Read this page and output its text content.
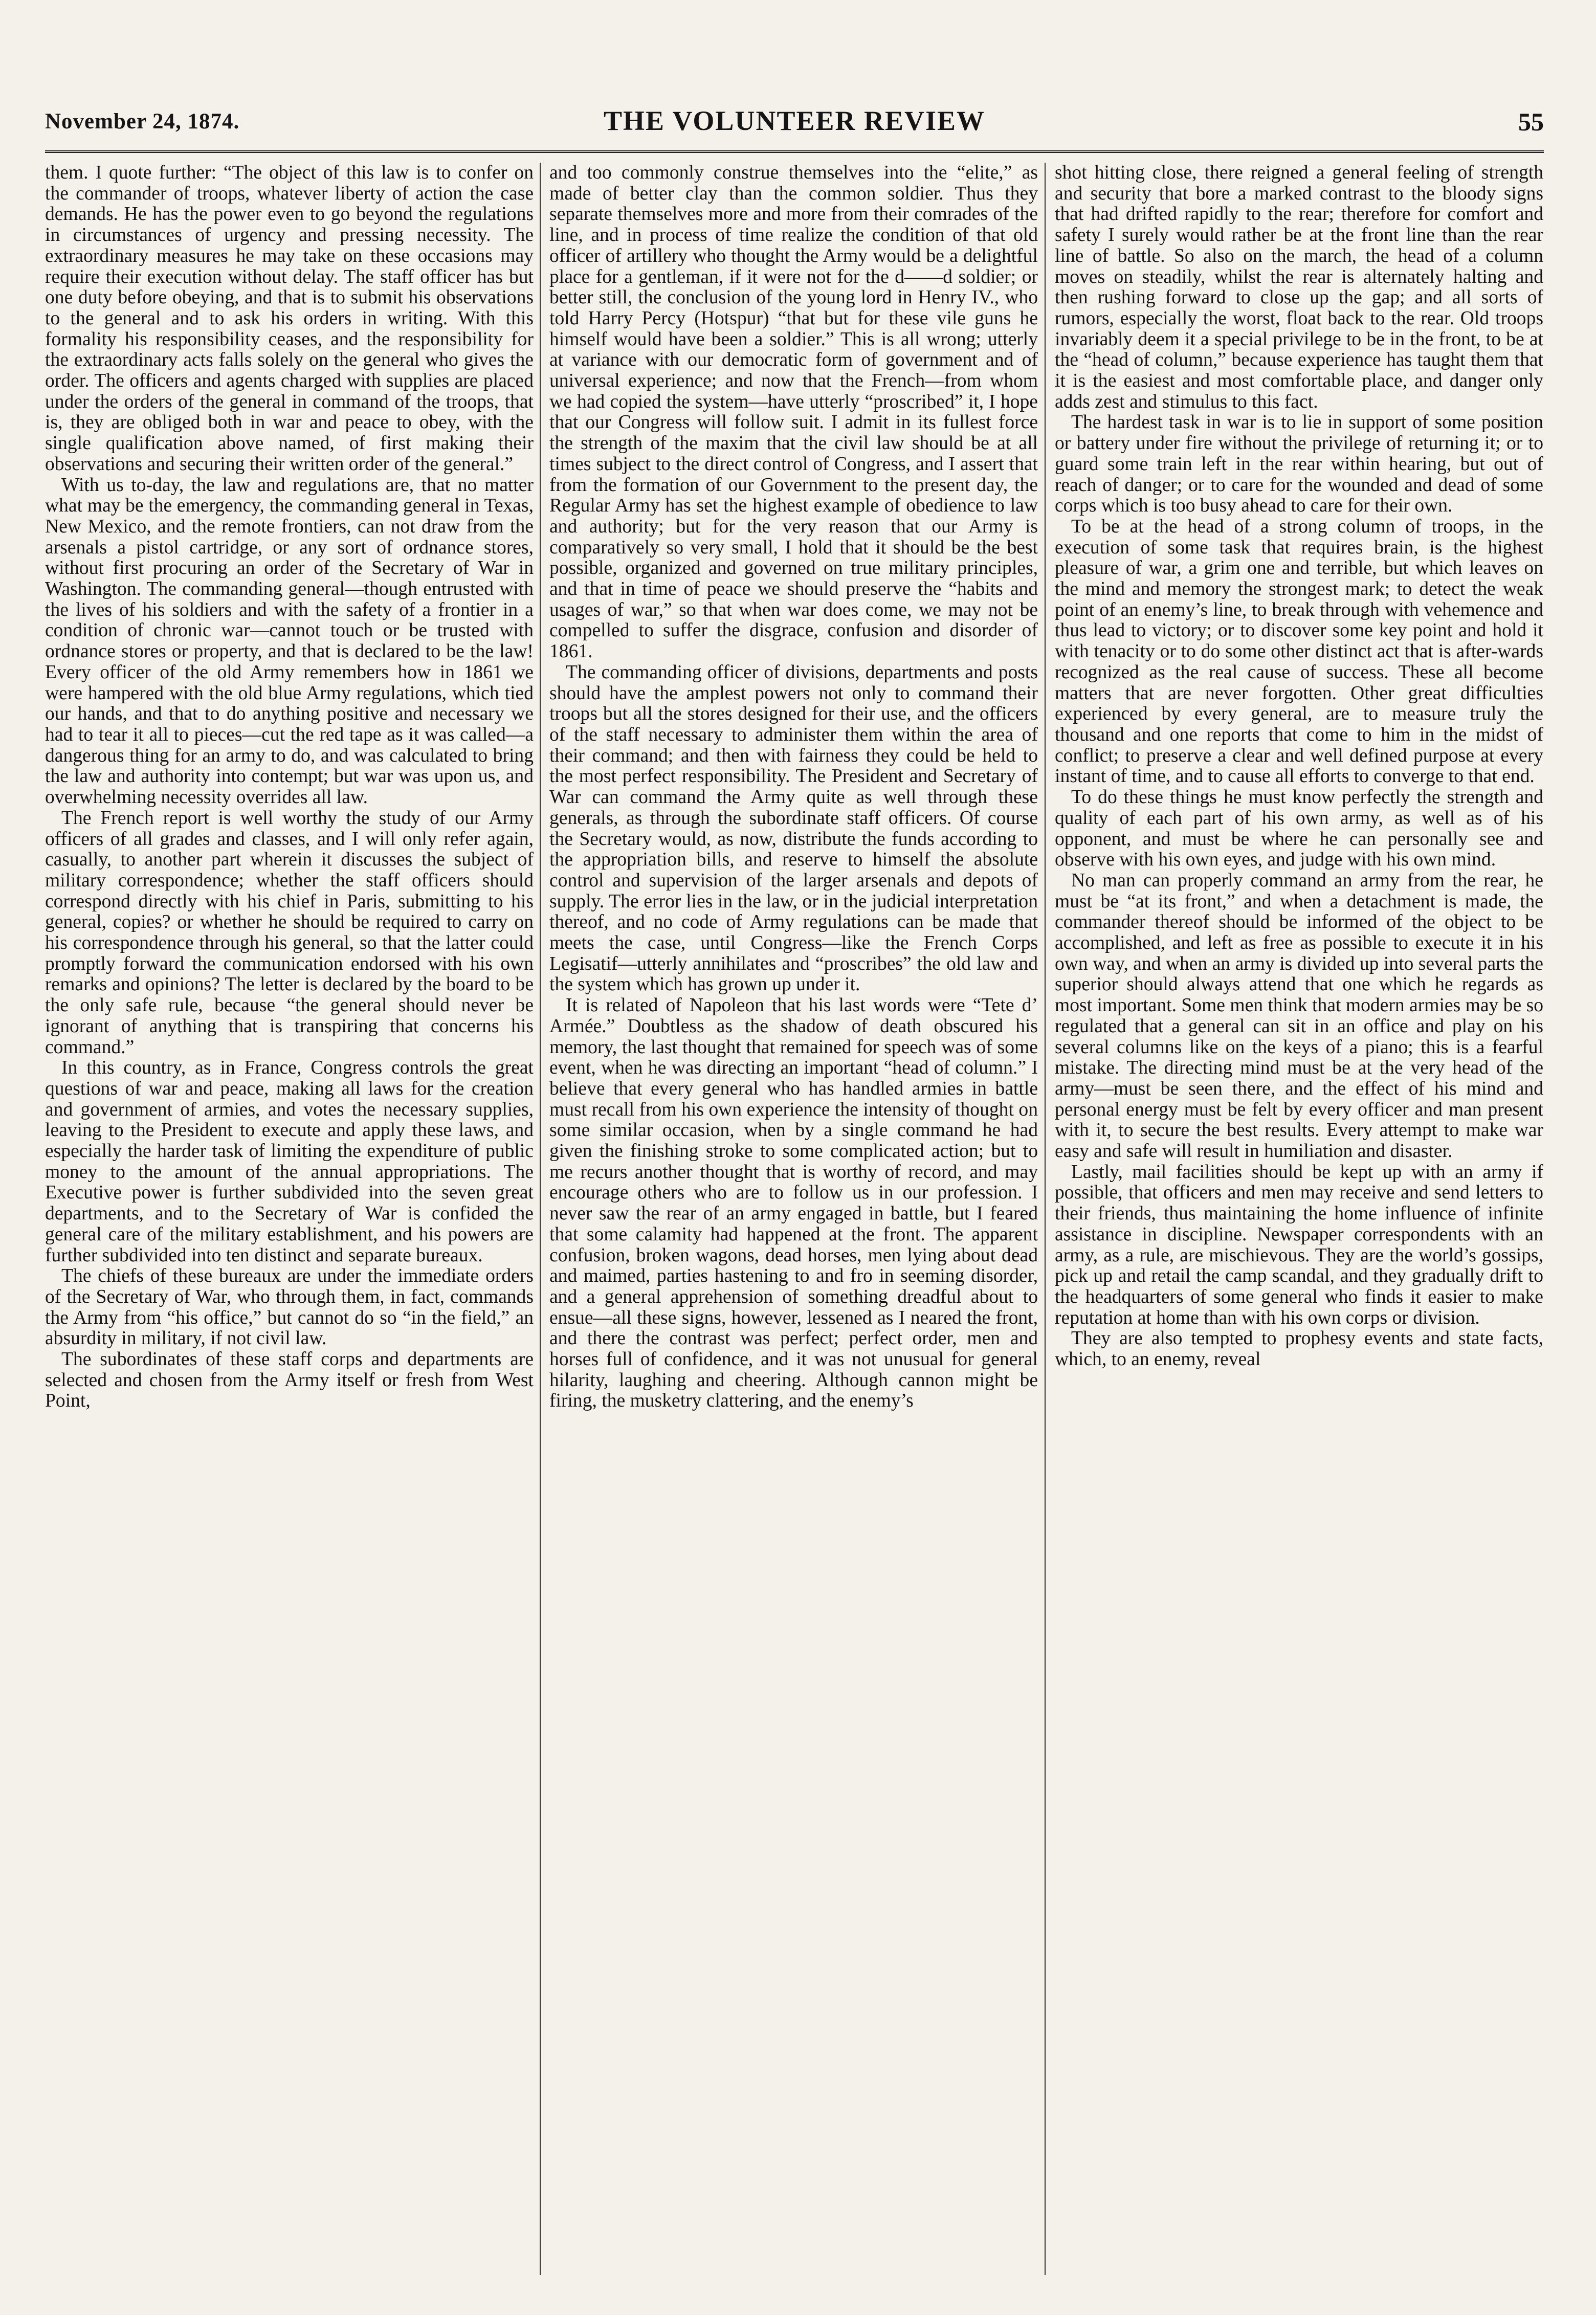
November 24, 1874.	THE VOLUNTEER REVIEW	55

them. I quote further: “The object of this law is to confer on the commander of troops, whatever liberty of action the case demands. He has the power even to go beyond the regulations in circumstances of urgency and pressing necessity. The extraordinary measures he may take on these occasions may require their execution without delay. The staff officer has but one duty before obeying, and that is to submit his observations to the general and to ask his orders in writing. With this formality his responsibility ceases, and the responsibility for the extraordinary acts falls solely on the general who gives the order. The officers and agents charged with supplies are placed under the orders of the general in command of the troops, that is, they are obliged both in war and peace to obey, with the single qualification above named, of first making their observations and securing their written order of the general.”

With us to-day, the law and regulations are, that no matter what may be the emergency, the commanding general in Texas, New Mexico, and the remote frontiers, can not draw from the arsenals a pistol cartridge, or any sort of ordnance stores, without first procuring an order of the Secretary of War in Washington. The commanding general—though entrusted with the lives of his soldiers and with the safety of a frontier in a condition of chronic war—cannot touch or be trusted with ordnance stores or property, and that is declared to be the law! Every officer of the old Army remembers how in 1861 we were hampered with the old blue Army regulations, which tied our hands, and that to do anything positive and necessary we had to tear it all to pieces—cut the red tape as it was called—a dangerous thing for an army to do, and was calculated to bring the law and authority into contempt; but war was upon us, and overwhelming necessity overrides all law.

The French report is well worthy the study of our Army officers of all grades and classes, and I will only refer again, casually, to another part wherein it discusses the subject of military correspondence; whether the staff officers should correspond directly with his chief in Paris, submitting to his general, copies? or whether he should be required to carry on his correspondence through his general, so that the latter could promptly forward the communication endorsed with his own remarks and opinions? The letter is declared by the board to be the only safe rule, because “the general should never be ignorant of anything that is transpiring that concerns his command.”

In this country, as in France, Congress controls the great questions of war and peace, making all laws for the creation and government of armies, and votes the necessary supplies, leaving to the President to execute and apply these laws, and especially the harder task of limiting the expenditure of public money to the amount of the annual appropriations. The Executive power is further subdivided into the seven great departments, and to the Secretary of War is confided the general care of the military establishment, and his powers are further subdivided into ten distinct and separate bureaux.

The chiefs of these bureaux are under the immediate orders of the Secretary of War, who through them, in fact, commands the Army from “his office,” but cannot do so “in the field,” an absurdity in military, if not civil law.

The subordinates of these staff corps and departments are selected and chosen from the Army itself or fresh from West Point,

and too commonly construe themselves into the “elite,” as made of better clay than the common soldier. Thus they separate themselves more and more from their comrades of the line, and in process of time realize the condition of that old officer of artillery who thought the Army would be a delightful place for a gentleman, if it were not for the d——d soldier; or better still, the conclusion of the young lord in Henry IV., who told Harry Percy (Hotspur) “that but for these vile guns he himself would have been a soldier.” This is all wrong; utterly at variance with our democratic form of government and of universal experience; and now that the French—from whom we had copied the system—have utterly “proscribed” it, I hope that our Congress will follow suit. I admit in its fullest force the strength of the maxim that the civil law should be at all times subject to the direct control of Congress, and I assert that from the formation of our Government to the present day, the Regular Army has set the highest example of obedience to law and authority; but for the very reason that our Army is comparatively so very small, I hold that it should be the best possible, organized and governed on true military principles, and that in time of peace we should preserve the “habits and usages of war,” so that when war does come, we may not be compelled to suffer the disgrace, confusion and disorder of 1861.

The commanding officer of divisions, departments and posts should have the amplest powers not only to command their troops but all the stores designed for their use, and the officers of the staff necessary to administer them within the area of their command; and then with fairness they could be held to the most perfect responsibility. The President and Secretary of War can command the Army quite as well through these generals, as through the subordinate staff officers. Of course the Secretary would, as now, distribute the funds according to the appropriation bills, and reserve to himself the absolute control and supervision of the larger arsenals and depots of supply. The error lies in the law, or in the judicial interpretation thereof, and no code of Army regulations can be made that meets the case, until Congress—like the French Corps Legisatif—utterly annihilates and “proscribes” the old law and the system which has grown up under it.

It is related of Napoleon that his last words were “Tete d’ Armée.” Doubtless as the shadow of death obscured his memory, the last thought that remained for speech was of some event, when he was directing an important “head of column.” I believe that every general who has handled armies in battle must recall from his own experience the intensity of thought on some similar occasion, when by a single command he had given the finishing stroke to some complicated action; but to me recurs another thought that is worthy of record, and may encourage others who are to follow us in our profession. I never saw the rear of an army engaged in battle, but I feared that some calamity had happened at the front. The apparent confusion, broken wagons, dead horses, men lying about dead and maimed, parties hastening to and fro in seeming disorder, and a general apprehension of something dreadful about to ensue—all these signs, however, lessened as I neared the front, and there the contrast was perfect; perfect order, men and horses full of confidence, and it was not unusual for general hilarity, laughing and cheering. Although cannon might be firing, the musketry clattering, and the enemy’s

shot hitting close, there reigned a general feeling of strength and security that bore a marked contrast to the bloody signs that had drifted rapidly to the rear; therefore for comfort and safety I surely would rather be at the front line than the rear line of battle. So also on the march, the head of a column moves on steadily, whilst the rear is alternately halting and then rushing forward to close up the gap; and all sorts of rumors, especially the worst, float back to the rear. Old troops invariably deem it a special privilege to be in the front, to be at the “head of column,” because experience has taught them that it is the easiest and most comfortable place, and danger only adds zest and stimulus to this fact.

The hardest task in war is to lie in support of some position or battery under fire without the privilege of returning it; or to guard some train left in the rear within hearing, but out of reach of danger; or to care for the wounded and dead of some corps which is too busy ahead to care for their own.

To be at the head of a strong column of troops, in the execution of some task that requires brain, is the highest pleasure of war, a grim one and terrible, but which leaves on the mind and memory the strongest mark; to detect the weak point of an enemy’s line, to break through with vehemence and thus lead to victory; or to discover some key point and hold it with tenacity or to do some other distinct act that is after-wards recognized as the real cause of success. These all become matters that are never forgotten. Other great difficulties experienced by every general, are to measure truly the thousand and one reports that come to him in the midst of conflict; to preserve a clear and well defined purpose at every instant of time, and to cause all efforts to converge to that end.

To do these things he must know perfectly the strength and quality of each part of his own army, as well as of his opponent, and must be where he can personally see and observe with his own eyes, and judge with his own mind.

No man can properly command an army from the rear, he must be “at its front,” and when a detachment is made, the commander thereof should be informed of the object to be accomplished, and left as free as possible to execute it in his own way, and when an army is divided up into several parts the superior should always attend that one which he regards as most important. Some men think that modern armies may be so regulated that a general can sit in an office and play on his several columns like on the keys of a piano; this is a fearful mistake. The directing mind must be at the very head of the army—must be seen there, and the effect of his mind and personal energy must be felt by every officer and man present with it, to secure the best results. Every attempt to make war easy and safe will result in humiliation and disaster.

Lastly, mail facilities should be kept up with an army if possible, that officers and men may receive and send letters to their friends, thus maintaining the home influence of infinite assistance in discipline. Newspaper correspondents with an army, as a rule, are mischievous. They are the world’s gossips, pick up and retail the camp scandal, and they gradually drift to the headquarters of some general who finds it easier to make reputation at home than with his own corps or division.

They are also tempted to prophesy events and state facts, which, to an enemy, reveal
